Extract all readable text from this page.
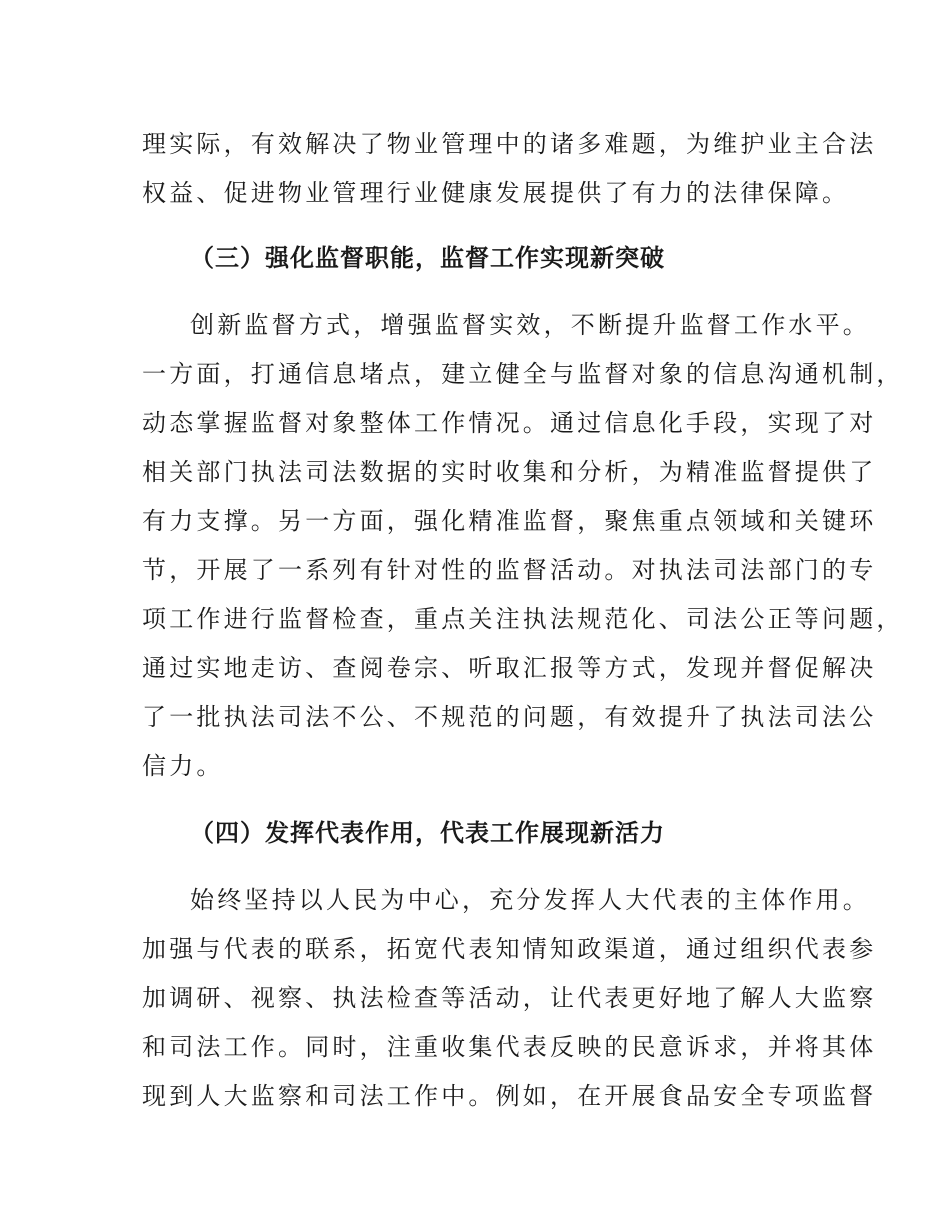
理实际，有效解决了物业管理中的诸多难题，为维护业主合法
权益、促进物业管理行业健康发展提供了有力的法律保障。
（三）强化监督职能，监督工作实现新突破
创新监督方式，增强监督实效，不断提升监督工作水平。
一方面，打通信息堵点，建立健全与监督对象的信息沟通机制，
动态掌握监督对象整体工作情况。通过信息化手段，实现了对
相关部门执法司法数据的实时收集和分析，为精准监督提供了
有力支撑。另一方面，强化精准监督，聚焦重点领域和关键环
节，开展了一系列有针对性的监督活动。对执法司法部门的专
项工作进行监督检查，重点关注执法规范化、司法公正等问题，
通过实地走访、查阅卷宗、听取汇报等方式，发现并督促解决
了一批执法司法不公、不规范的问题，有效提升了执法司法公
信力。
（四）发挥代表作用，代表工作展现新活力
始终坚持以人民为中心，充分发挥人大代表的主体作用。
加强与代表的联系，拓宽代表知情知政渠道，通过组织代表参
加调研、视察、执法检查等活动，让代表更好地了解人大监察
和司法工作。同时，注重收集代表反映的民意诉求，并将其体
现到人大监察和司法工作中。例如，在开展食品安全专项监督
